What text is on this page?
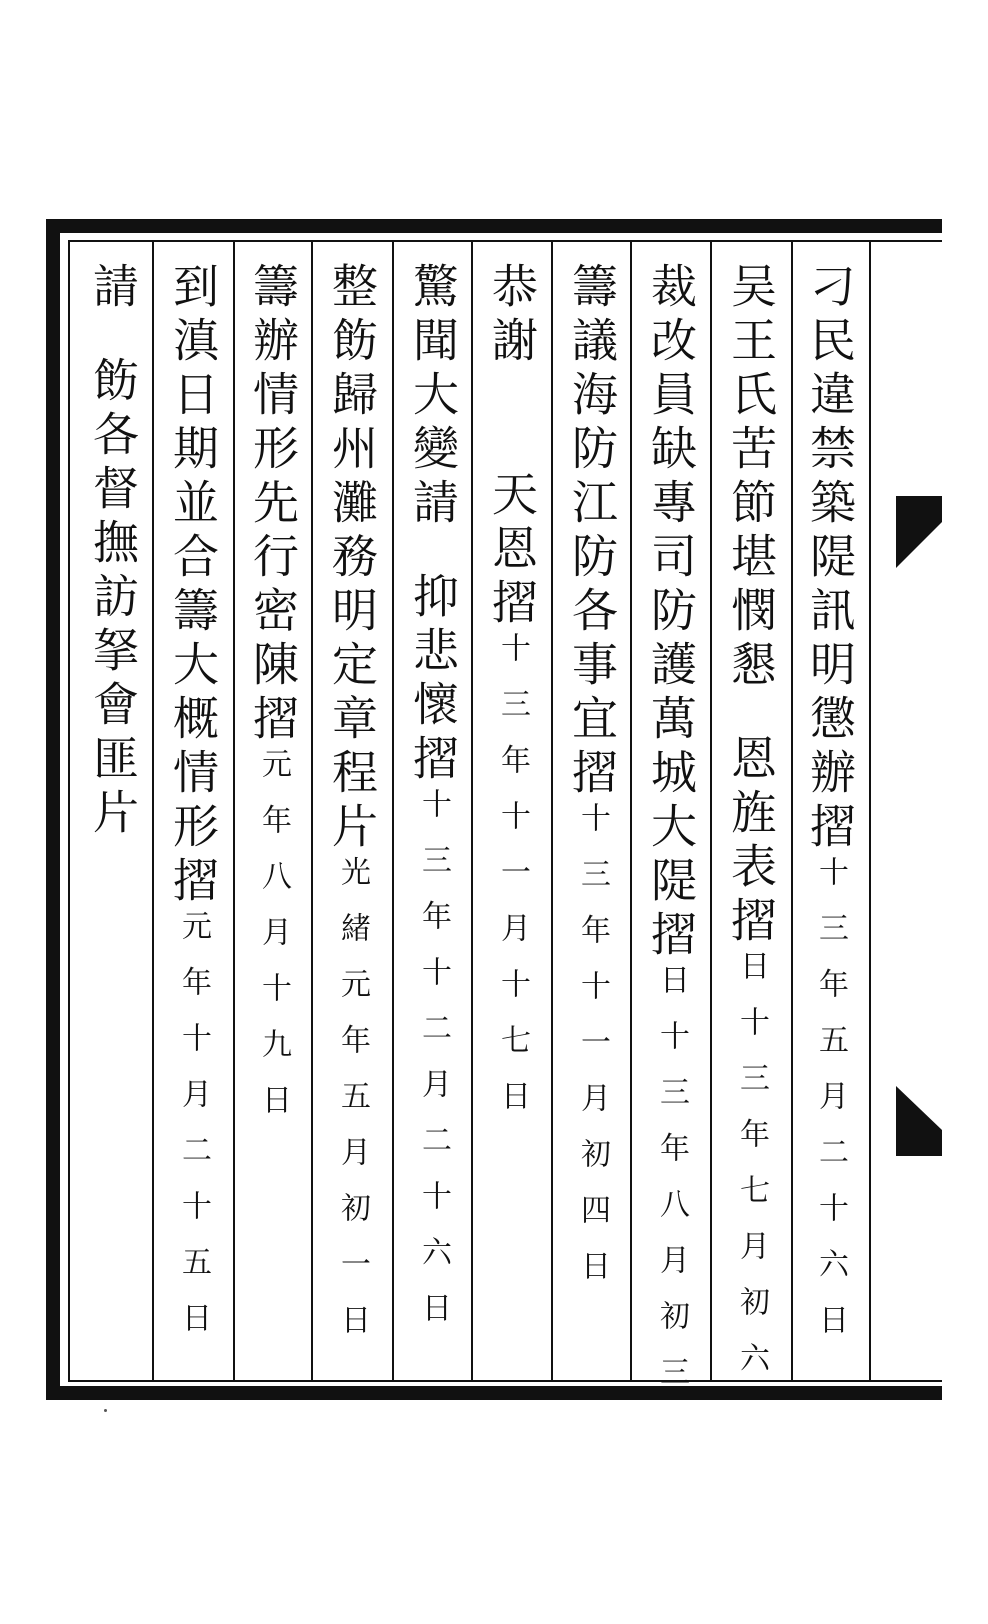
刁民違禁築隄訊明懲辦摺十三年五月二十六日
吴王氏苦節堪憫懇恩旌表摺日十三年七月初六
裁改員缺專司防護萬城大隄摺日十三年八月初三
籌議海防江防各事宜摺十三年十一月初四日
恭謝天恩摺十三年十一月十七日
驚聞大變請抑悲懷摺十三年十二月二十六日
整飭歸州灘務明定章程片光緒元年五月初一日
籌辦情形先行密陳摺元年八月十九日
到滇日期並合籌大概情形摺元年十月二十五日
請飭各督撫訪拏會匪片
